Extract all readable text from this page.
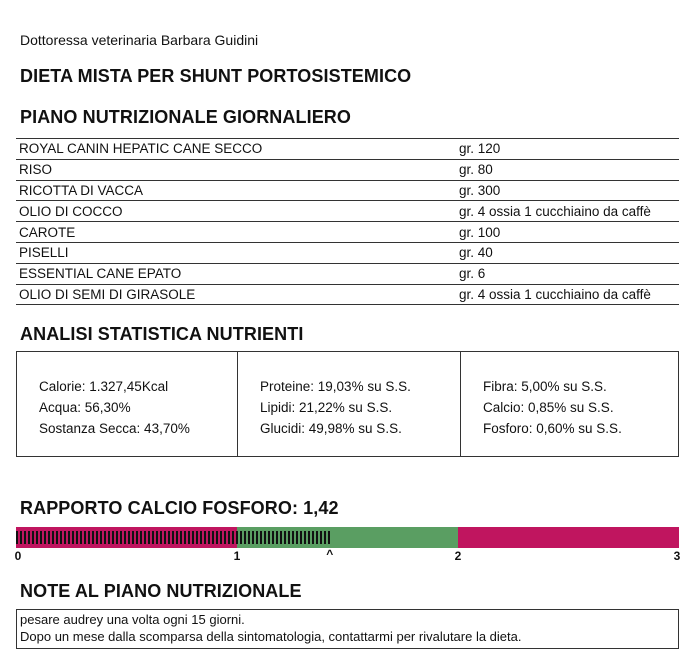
Dottoressa veterinaria Barbara Guidini
DIETA MISTA PER SHUNT PORTOSISTEMICO
PIANO NUTRIZIONALE GIORNALIERO
ROYAL CANIN HEPATIC CANE SECCO	gr. 120
RISO	gr. 80
RICOTTA DI VACCA	gr. 300
OLIO DI COCCO	gr. 4 ossia 1 cucchiaino da caffè
CAROTE	gr. 100
PISELLI	gr. 40
ESSENTIAL CANE EPATO	gr. 6
OLIO DI SEMI DI GIRASOLE	gr. 4 ossia 1 cucchiaino da caffè
ANALISI STATISTICA NUTRIENTI
Calorie: 1.327,45Kcal
Acqua: 56,30%
Sostanza Secca: 43,70%
Proteine: 19,03% su S.S.
Lipidi: 21,22% su S.S.
Glucidi: 49,98% su S.S.
Fibra: 5,00% su S.S.
Calcio: 0,85% su S.S.
Fosforo: 0,60% su S.S.
RAPPORTO CALCIO FOSFORO: 1,42
0	1	2	3
^
NOTE AL PIANO NUTRIZIONALE
pesare audrey una volta ogni 15 giorni.
Dopo un mese dalla scomparsa della sintomatologia, contattarmi per rivalutare la dieta.
